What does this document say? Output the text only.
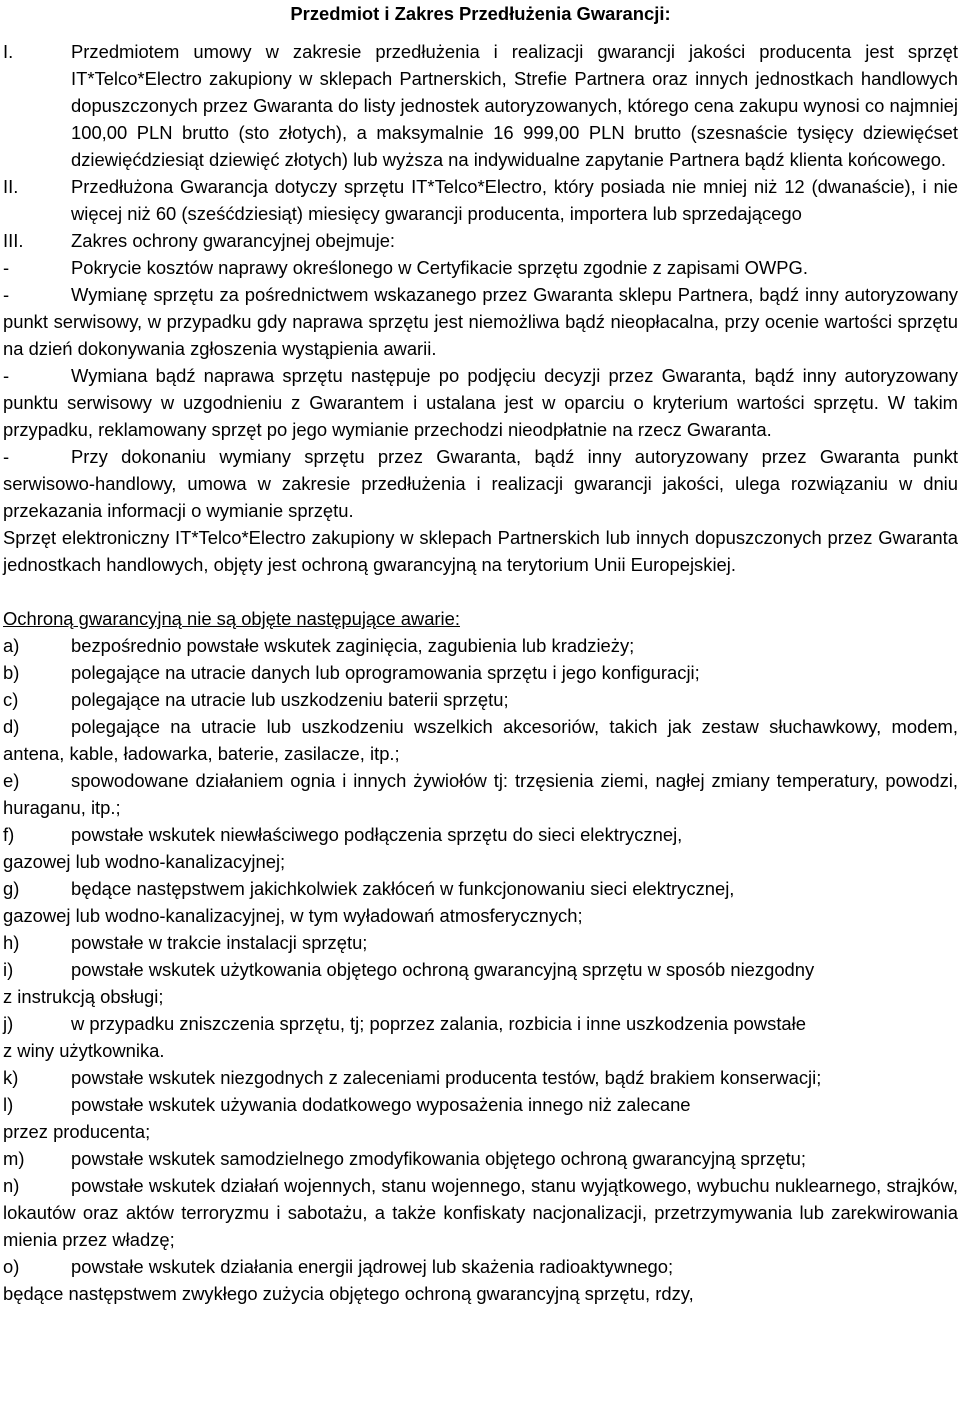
Przedmiot i Zakres Przedłużenia Gwarancji:
I.	Przedmiotem umowy w zakresie przedłużenia i realizacji gwarancji jakości producenta jest sprzęt IT*Telco*Electro zakupiony w sklepach Partnerskich, Strefie Partnera oraz innych jednostkach handlowych dopuszczonych przez Gwaranta do listy jednostek autoryzowanych, którego cena zakupu wynosi co najmniej 100,00 PLN brutto (sto złotych), a maksymalnie 16 999,00 PLN brutto (szesnaście tysięcy dziewięćset dziewięćdziesiąt dziewięć złotych) lub wyższa na indywidualne zapytanie Partnera bądź klienta końcowego.
II.	Przedłużona Gwarancja dotyczy sprzętu IT*Telco*Electro, który posiada nie mniej niż 12 (dwanaście), i nie więcej niż 60 (sześćdziesiąt) miesięcy gwarancji producenta, importera lub sprzedającego
III.	Zakres ochrony gwarancyjnej obejmuje:
-	Pokrycie kosztów naprawy określonego w Certyfikacie sprzętu zgodnie z zapisami OWPG.
-	Wymianę sprzętu za pośrednictwem wskazanego przez Gwaranta sklepu Partnera, bądź inny autoryzowany punkt serwisowy, w przypadku gdy naprawa sprzętu jest niemożliwa bądź nieopłacalna, przy ocenie wartości sprzętu na dzień dokonywania zgłoszenia wystąpienia awarii.
-	Wymiana bądź naprawa sprzętu następuje po podjęciu decyzji przez Gwaranta, bądź inny autoryzowany punktu serwisowy w uzgodnieniu z Gwarantem i ustalana jest w oparciu o kryterium wartości sprzętu. W takim przypadku, reklamowany sprzęt po jego wymianie przechodzi nieodpłatnie na rzecz Gwaranta.
-	Przy dokonaniu wymiany sprzętu przez Gwaranta, bądź inny autoryzowany przez Gwaranta punkt serwisowo-handlowy, umowa w zakresie przedłużenia i realizacji gwarancji jakości, ulega rozwiązaniu w dniu przekazania informacji o wymianie sprzętu.
Sprzęt elektroniczny IT*Telco*Electro zakupiony w sklepach Partnerskich lub innych dopuszczonych przez Gwaranta jednostkach handlowych, objęty jest ochroną gwarancyjną na terytorium Unii Europejskiej.
Ochroną gwarancyjną nie są objęte następujące awarie:
a)	bezpośrednio powstałe wskutek zaginięcia, zagubienia lub kradzieży;
b)	polegające na utracie danych lub oprogramowania sprzętu i jego konfiguracji;
c)	polegające na utracie lub uszkodzeniu baterii sprzętu;
d)	polegające na utracie lub uszkodzeniu wszelkich akcesoriów, takich jak zestaw słuchawkowy, modem, antena, kable, ładowarka, baterie, zasilacze, itp.;
e)	spowodowane działaniem ognia i innych żywiołów tj: trzęsienia ziemi, nagłej zmiany temperatury, powodzi, huraganu, itp.;
f)	powstałe wskutek niewłaściwego podłączenia sprzętu do sieci elektrycznej,
gazowej lub wodno-kanalizacyjnej;
g)	będące następstwem jakichkolwiek zakłóceń w funkcjonowaniu sieci elektrycznej,
gazowej lub wodno-kanalizacyjnej, w tym wyładowań atmosferycznych;
h)	powstałe w trakcie instalacji sprzętu;
i)	powstałe wskutek użytkowania objętego ochroną gwarancyjną sprzętu w sposób niezgodny
z instrukcją obsługi;
j)	w przypadku zniszczenia sprzętu, tj; poprzez zalania, rozbicia i inne uszkodzenia powstałe
z winy użytkownika.
k)	powstałe wskutek niezgodnych z zaleceniami producenta testów, bądź brakiem konserwacji;
l)	powstałe wskutek używania dodatkowego wyposażenia innego niż zalecane
przez producenta;
m)	powstałe wskutek samodzielnego zmodyfikowania objętego ochroną gwarancyjną sprzętu;
n)	powstałe wskutek działań wojennych, stanu wojennego, stanu wyjątkowego, wybuchu nuklearnego, strajków, lokautów oraz aktów terroryzmu i sabotażu, a także konfiskaty nacjonalizacji, przetrzymywania lub zarekwirowania mienia przez władzę;
o)	powstałe wskutek działania energii jądrowej lub skażenia radioaktywnego;
będące następstwem zwykłego zużycia objętego ochroną gwarancyjną sprzętu, rdzy,
